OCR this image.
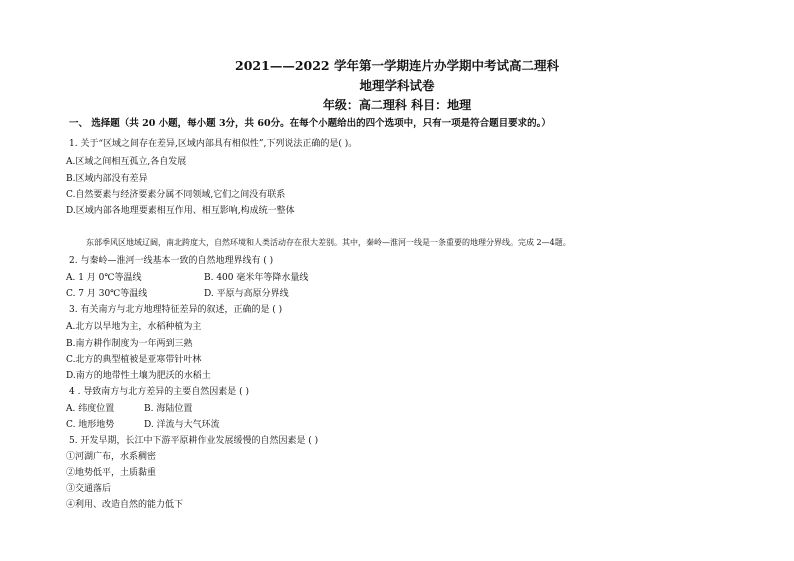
2021——2022 学年第一学期连片办学期中考试高二理科
地理学科试卷
年级：高二理科 科目：地理
一、 选择题（共 20 小题，每小题 3分，共 60分。在每个小题给出的四个选项中，只有一项是符合题目要求的。）
1. 关于“区域之间存在差异,区域内部具有相似性”,下列说法正确的是( )。
A.区域之间相互孤立,各自发展
B.区域内部没有差异
C.自然要素与经济要素分属不同领域,它们之间没有联系
D.区域内部各地理要素相互作用、相互影响,构成统一整体
东部季风区地域辽阔，南北跨度大，自然环境和人类活动存在很大差别。其中，秦岭—淮河一线是一条重要的地理分界线。完成 2—4题。
2. 与秦岭—淮河一线基本一致的自然地理界线有 ( )
A. 1 月 0℃等温线	B. 400 毫米年等降水量线
C. 7 月 30℃等温线	D. 平原与高原分界线
3. 有关南方与北方地理特征差异的叙述，正确的是 ( )
A.北方以旱地为主，水稻种植为主
B.南方耕作制度为一年两到三熟
C.北方的典型植被是亚寒带针叶林
D.南方的地带性土壤为肥沃的水稻土
4 . 导致南方与北方差异的主要自然因素是 ( )
A. 纬度位置	B. 海陆位置
C. 地形地势	D. 洋流与大气环流
5. 开发早期，长江中下游平原耕作业发展缓慢的自然因素是 ( )
①河湖广布，水系稠密
②地势低平，土质黏重
③交通落后
④利用、改造自然的能力低下
